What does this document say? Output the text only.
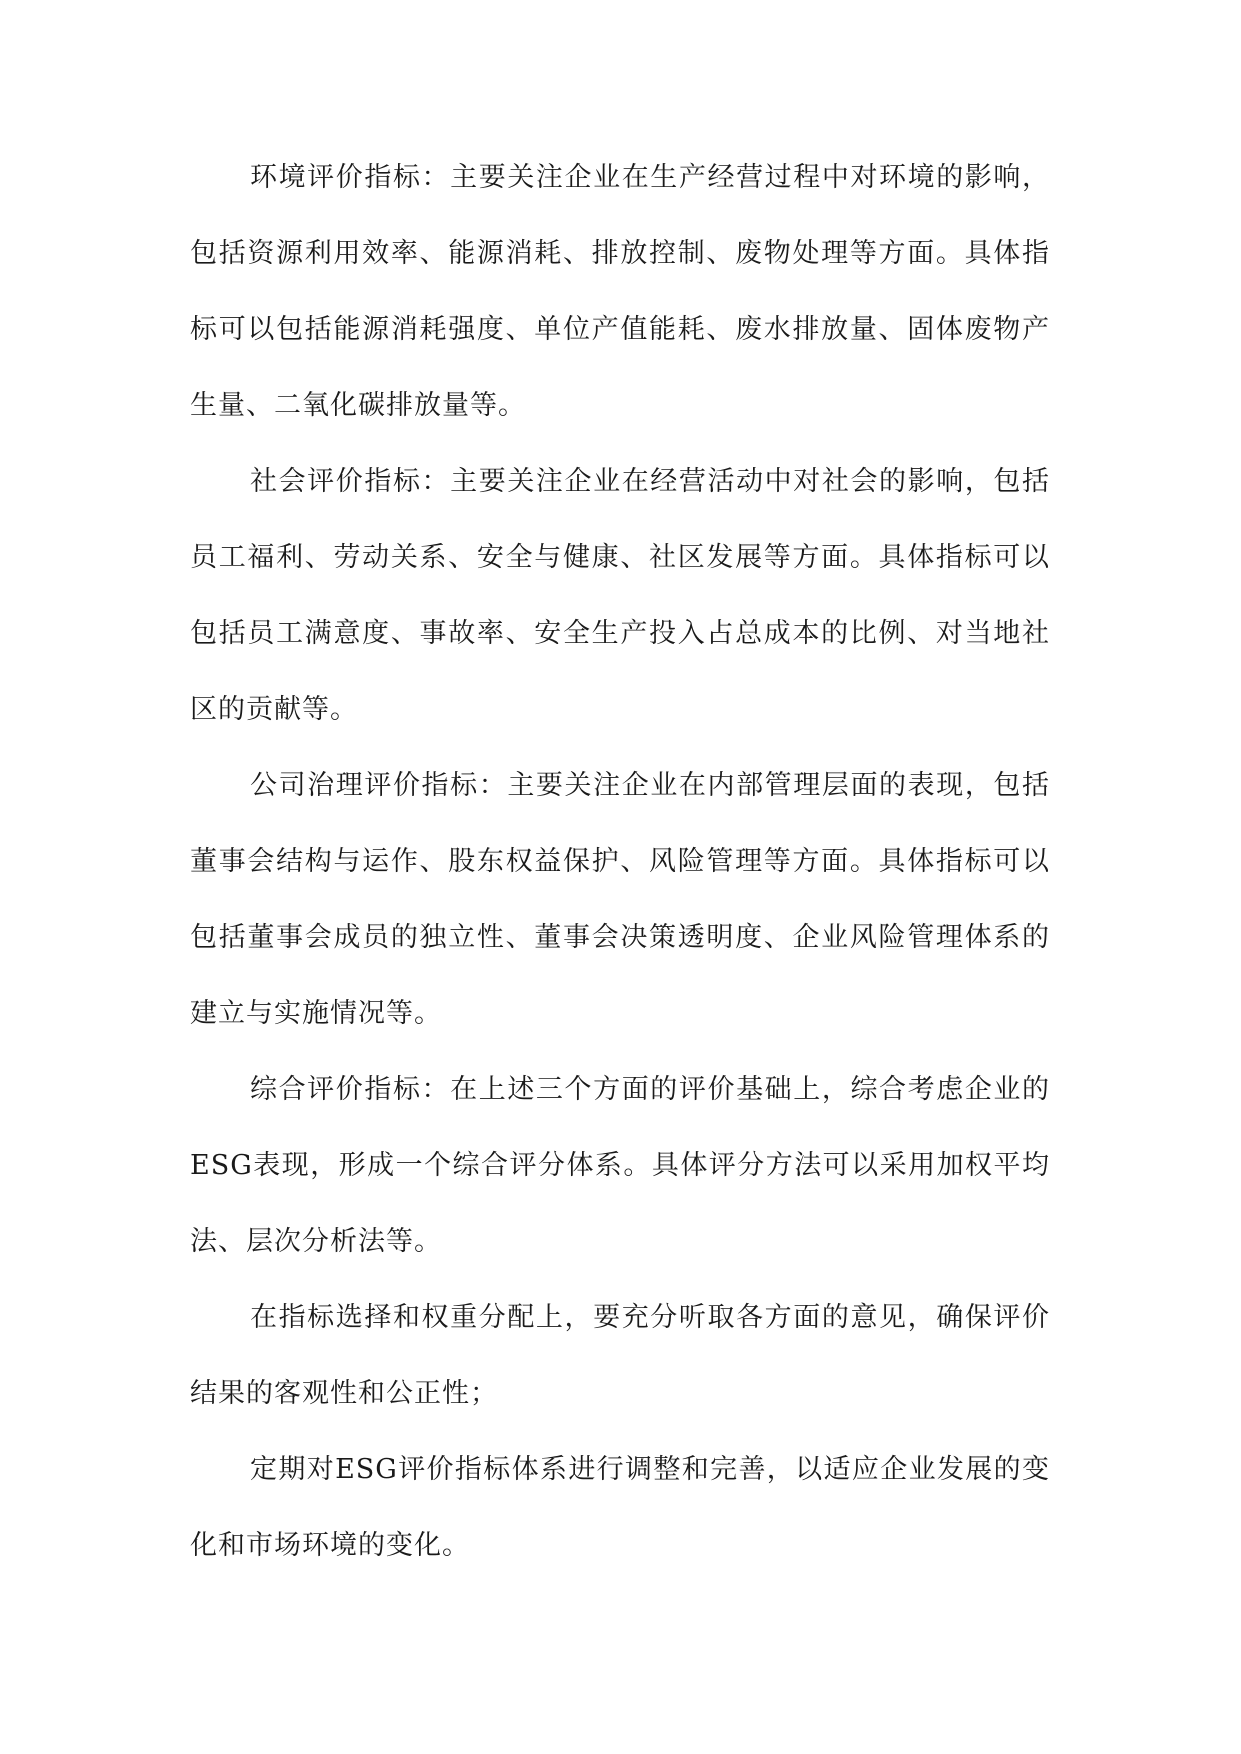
环境评价指标：主要关注企业在生产经营过程中对环境的影响，包括资源利用效率、能源消耗、排放控制、废物处理等方面。具体指标可以包括能源消耗强度、单位产值能耗、废水排放量、固体废物产生量、二氧化碳排放量等。

社会评价指标：主要关注企业在经营活动中对社会的影响，包括员工福利、劳动关系、安全与健康、社区发展等方面。具体指标可以包括员工满意度、事故率、安全生产投入占总成本的比例、对当地社区的贡献等。

公司治理评价指标：主要关注企业在内部管理层面的表现，包括董事会结构与运作、股东权益保护、风险管理等方面。具体指标可以包括董事会成员的独立性、董事会决策透明度、企业风险管理体系的建立与实施情况等。

综合评价指标：在上述三个方面的评价基础上，综合考虑企业的ESG表现，形成一个综合评分体系。具体评分方法可以采用加权平均法、层次分析法等。

在指标选择和权重分配上，要充分听取各方面的意见，确保评价结果的客观性和公正性；

定期对ESG评价指标体系进行调整和完善，以适应企业发展的变化和市场环境的变化。
